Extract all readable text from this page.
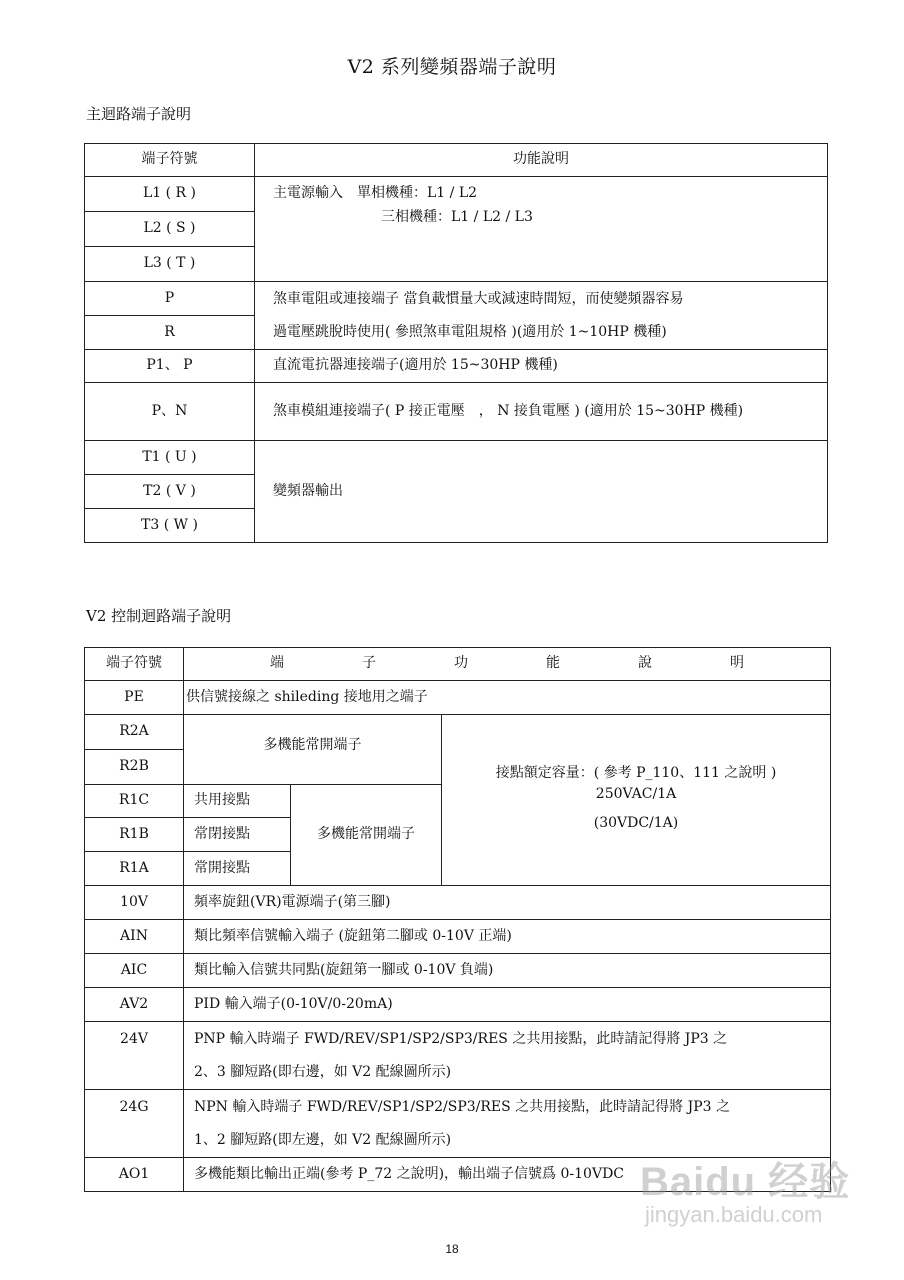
V2 系列變頻器端子說明
主迴路端子說明
端子符號	功能說明
L1 ( R )	主電源輸入　單相機種：L1 / L2
三相機種：L1 / L2 / L3

L2 ( S )	
L3 ( T )	
P	煞車電阻或連接端子 當負載慣量大或減速時間短，而使變頻器容易
過電壓跳脫時使用( 參照煞車電阻規格 )(適用於 1~10HP 機種)

R	
P1、 P	直流電抗器連接端子(適用於 15~30HP 機種)
P、N	煞車模組連接端子( P 接正電壓　， N 接負電壓 ) (適用於 15~30HP 機種)
T1 ( U )	變頻器輸出
T2 ( V )	
T3 ( W )	
V2 控制迴路端子說明
端子符號	端 子 功 能 說 明		
PE	供信號接線之 shileding 接地用之端子		
R2A	多機能常開端子		接點額定容量：( 參考 P_110、111 之說明 )
250VAC/1A
(30VDC/1A)

R2B			
R1C	共用接點	多機能常開端子	
R1B	常閉接點		
R1A	常開接點		
10V	頻率旋鈕(VR)電源端子(第三腳)		
AIN	類比頻率信號輸入端子 (旋鈕第二腳或 0-10V 正端)		
AIC	類比輸入信號共同點(旋鈕第一腳或 0-10V 負端)		
AV2	PID 輸入端子(0-10V/0-20mA)		
24V	PNP 輸入時端子 FWD/REV/SP1/SP2/SP3/RES 之共用接點，此時請記得將 JP3 之
2、3 腳短路(即右邊，如 V2 配線圖所示)		

24G	NPN 輸入時端子 FWD/REV/SP1/SP2/SP3/RES 之共用接點，此時請記得將 JP3 之
1、2 腳短路(即左邊，如 V2 配線圖所示)		

AO1	多機能類比輸出正端(參考 P_72 之說明)，輸出端子信號爲 0-10VDC		Baidu 经验
jingyan.baidu.com
18
